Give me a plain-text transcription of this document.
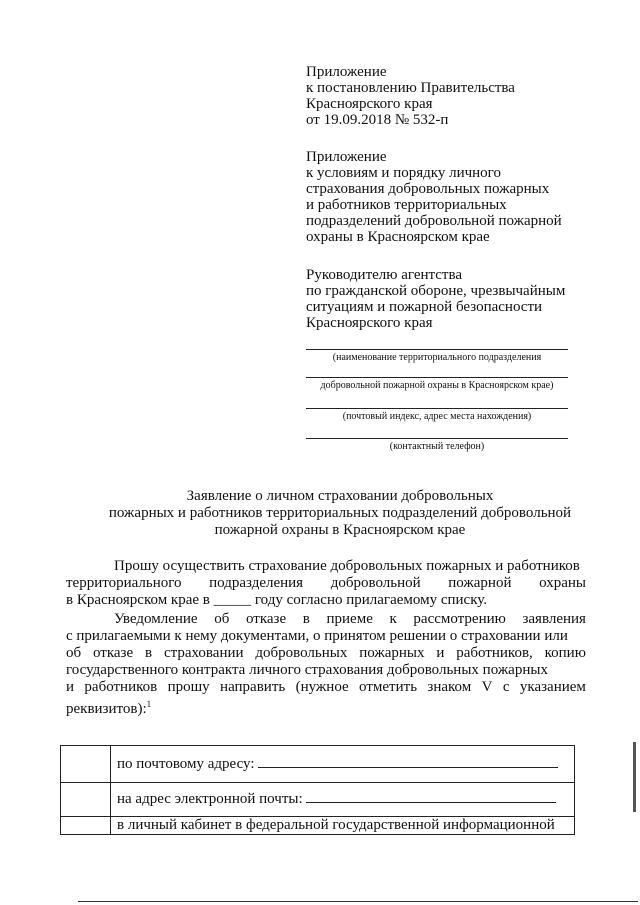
Приложение
к постановлению Правительства
Красноярского края
от 19.09.2018 № 532-п
Приложение
к условиям и порядку личного
страхования добровольных пожарных
и работников территориальных
подразделений добровольной пожарной
охраны в Красноярском крае
Руководителю агентства
по гражданской обороне, чрезвычайным
ситуациям и пожарной безопасности
Красноярского края
(наименование территориального подразделения
добровольной пожарной охраны в Красноярском крае)
(почтовый индекс, адрес места нахождения)
(контактный телефон)
Заявление о личном страховании добровольных
пожарных и работников территориальных подразделений добровольной
пожарной охраны в Красноярском крае
Прошу осуществить страхование добровольных пожарных и работников
территориального подразделения добровольной пожарной охраны
в Красноярском крае в _____ году согласно прилагаемому списку.
Уведомление об отказе в приеме к рассмотрению заявления
с прилагаемыми к нему документами, о принятом решении о страховании или
об отказе в страховании добровольных пожарных и работников, копию
государственного контракта личного страхования добровольных пожарных
и работников прошу направить (нужное отметить знаком V с указанием
реквизитов):$^1$
	по почтовому адресу:
	на адрес электронной почты:
	в личный кабинет в федеральной государственной информационной
